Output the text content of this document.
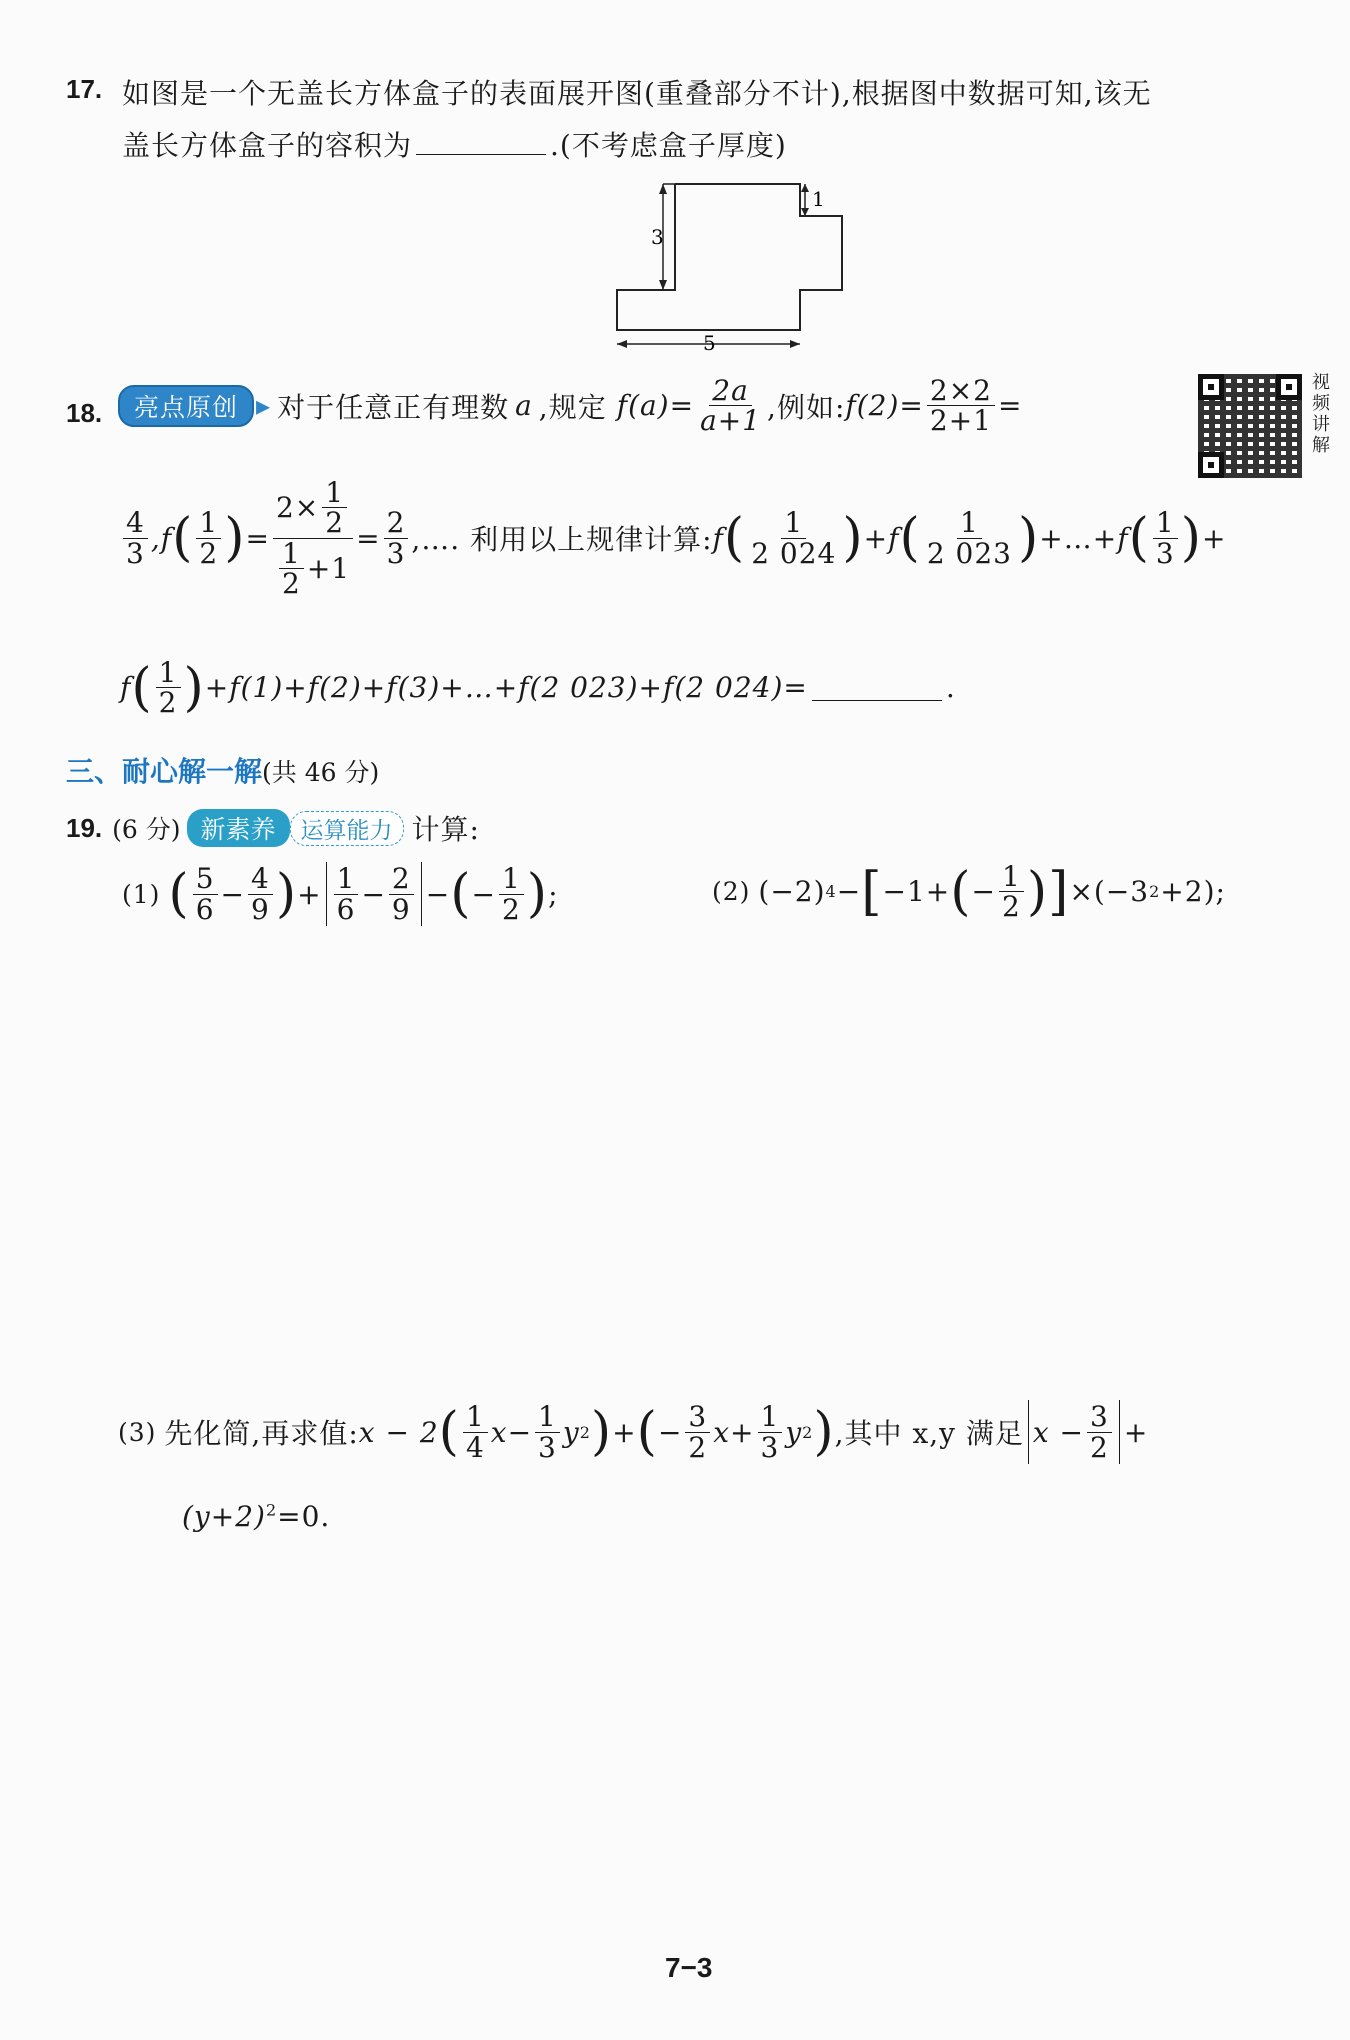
17. 如图是一个无盖长方体盒子的表面展开图(重叠部分不计),根据图中数据可知,该无
盖长方体盒子的容积为	.(不考虑盒子厚度)
3
1
5
18.	亮点原创 ▸ 对于任意正有理数 a ,规定 $f(a)= \frac{2a}{a+1}$ ,例如: $f(2)= \frac{2\times 2}{2+1}$ =	视频讲解
$\frac{4}{3} ,f$ ( $\frac{1}{2}$ ) = $\frac{2\times \frac{1}{2}}{\frac{1}{2} +1} = \frac{2}{3}$ ,…. 利用以上规律计算: f ( $\frac{1}{2 024}$ ) + f ( $\frac{1}{2 023}$ ) +…+ f ( $\frac{1}{3}$ ) +
f ( $\frac{1}{2}$ ) +f(1)+f(2)+f(3)+…+f(2 023)+f(2 024)=	.
三、耐心解一解(共 46 分)
19. (6 分) 新素养	运算能力 计算:
(1) ( $\frac{5}{6} - \frac{4}{9}$ ) + $\frac{1}{6} - \frac{2}{9}$ − ( − $\frac{1}{2}$ ) ;	(2) (−2) 4 − [ −1+ ( − $\frac{1}{2}$ ) ] ×(−3 2 +2);
(3) 先化简,再求值: x − 2 ( $\frac{1}{4}$ $x - \frac{1}{3}$ y 2 ) + ( − $\frac{3}{2}$ $x + \frac{1}{3}$ y 2 ) ,其中 x,y 满足 $x - \frac{3}{2}$ +
$(y+2)^2=0$.
7−3
